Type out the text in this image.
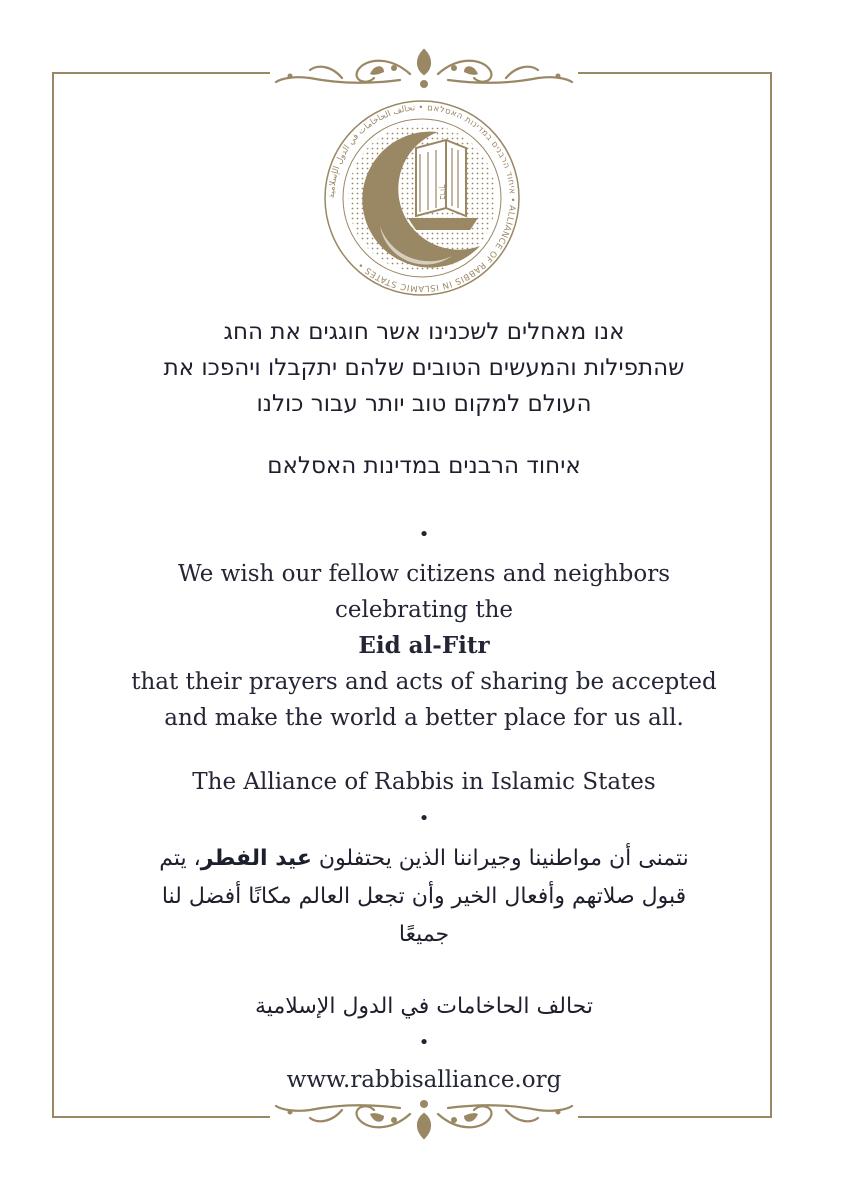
איחוד הרבנים במדינות האסלאם • تحالف الحاخامات في الدول الإسلامية • ALLIANCE OF RABBIS IN ISLAMIC STATES •
ברוך
אנו מאחלים לשכנינו אשר חוגגים את החג
שהתפילות והמעשים הטובים שלהם יתקבלו ויהפכו את
העולם למקום טוב יותר עבור כולנו
איחוד הרבנים במדינות האסלאם
•
We wish our fellow citizens and neighbors
celebrating the
Eid al-Fitr
that their prayers and acts of sharing be accepted
and make the world a better place for us all.
The Alliance of Rabbis in Islamic States
•
نتمنى أن مواطنينا وجيراننا الذين يحتفلون عيد الفطر، يتم
قبول صلاتهم وأفعال الخير وأن تجعل العالم مكانًا أفضل لنا
جميعًا
تحالف الحاخامات في الدول الإسلامية
•
www.rabbisalliance.org
